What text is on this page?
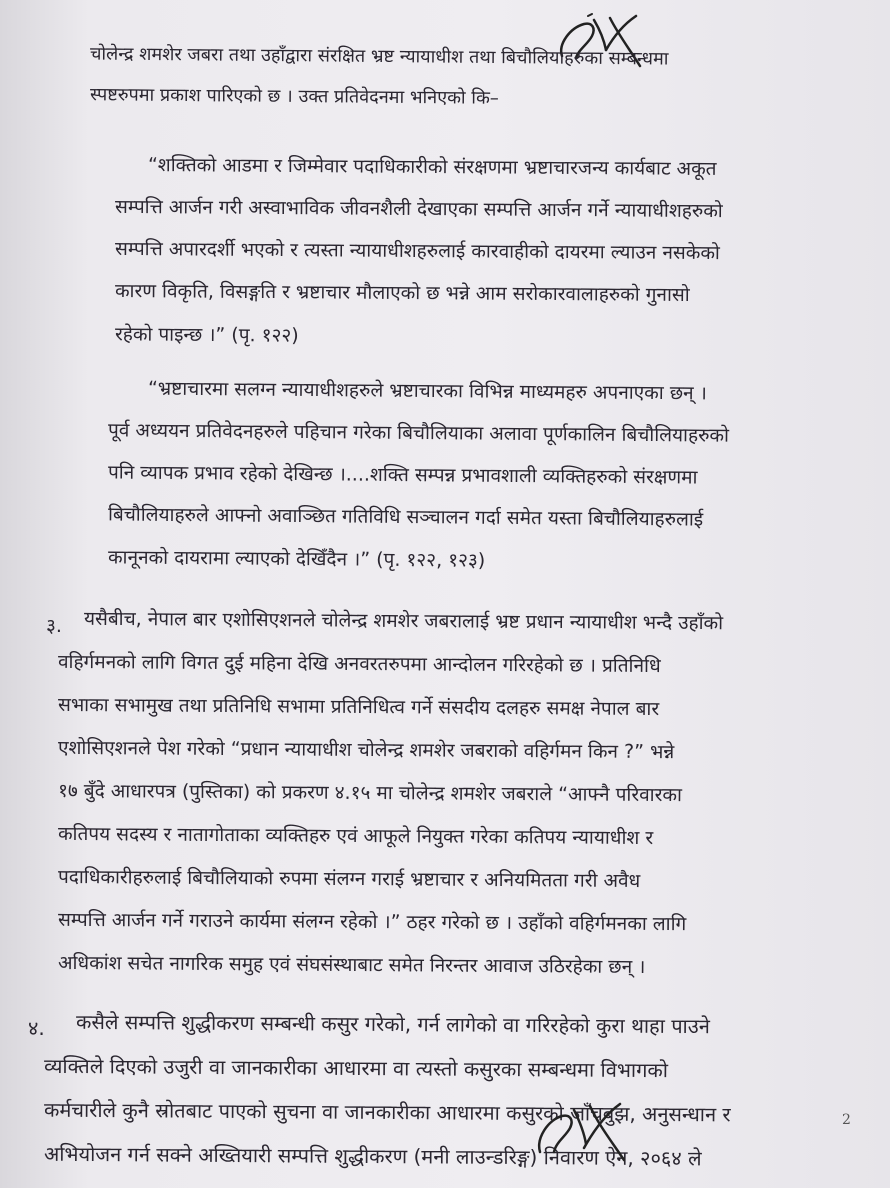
चोलेन्द्र शमशेर जबरा तथा उहाँद्वारा संरक्षित भ्रष्ट न्यायाधीश तथा बिचौलियाहरुका सम्बन्धमा
स्पष्टरुपमा प्रकाश पारिएको छ । उक्त प्रतिवेदनमा भनिएको कि–
“शक्तिको आडमा र जिम्मेवार पदाधिकारीको संरक्षणमा भ्रष्टाचारजन्य कार्यबाट अकूत
सम्पत्ति आर्जन गरी अस्वाभाविक जीवनशैली देखाएका सम्पत्ति आर्जन गर्ने न्यायाधीशहरुको
सम्पत्ति अपारदर्शी भएको र त्यस्ता न्यायाधीशहरुलाई कारवाहीको दायरमा ल्याउन नसकेको
कारण विकृति, विसङ्गति र भ्रष्टाचार मौलाएको छ भन्ने आम सरोकारवालाहरुको गुनासो
रहेको पाइन्छ ।” (पृ. १२२)
“भ्रष्टाचारमा सलग्न न्यायाधीशहरुले भ्रष्टाचारका विभिन्न माध्यमहरु अपनाएका छन् ।
पूर्व अध्ययन प्रतिवेदनहरुले पहिचान गरेका बिचौलियाका अलावा पूर्णकालिन बिचौलियाहरुको
पनि व्यापक प्रभाव रहेको देखिन्छ ।....शक्ति सम्पन्न प्रभावशाली व्यक्तिहरुको संरक्षणमा
बिचौलियाहरुले आफ्नो अवाञ्छित गतिविधि सञ्चालन गर्दा समेत यस्ता बिचौलियाहरुलाई
कानूनको दायरामा ल्याएको देखिँदैन ।” (पृ. १२२, १२३)
३. यसैबीच, नेपाल बार एशोसिएशनले चोलेन्द्र शमशेर जबरालाई भ्रष्ट प्रधान न्यायाधीश भन्दै उहाँको
वहिर्गमनको लागि विगत दुई महिना देखि अनवरतरुपमा आन्दोलन गरिरहेको छ । प्रतिनिधि
सभाका सभामुख तथा प्रतिनिधि सभामा प्रतिनिधित्व गर्ने संसदीय दलहरु समक्ष नेपाल बार
एशोसिएशनले पेश गरेको “प्रधान न्यायाधीश चोलेन्द्र शमशेर जबराको वहिर्गमन किन ?” भन्ने
१७ बुँदे आधारपत्र (पुस्तिका) को प्रकरण ४.१५ मा चोलेन्द्र शमशेर जबराले “आफ्नै परिवारका
कतिपय सदस्य र नातागोताका व्यक्तिहरु एवं आफूले नियुक्त गरेका कतिपय न्यायाधीश र
पदाधिकारीहरुलाई बिचौलियाको रुपमा संलग्न गराई भ्रष्टाचार र अनियमितता गरी अवैध
सम्पत्ति आर्जन गर्ने गराउने कार्यमा संलग्न रहेको ।” ठहर गरेको छ । उहाँको वहिर्गमनका लागि
अधिकांश सचेत नागरिक समुह एवं संघसंस्थाबाट समेत निरन्तर आवाज उठिरहेका छन् ।
४. कसैले सम्पत्ति शुद्धीकरण सम्बन्धी कसुर गरेको, गर्न लागेको वा गरिरहेको कुरा थाहा पाउने
व्यक्तिले दिएको उजुरी वा जानकारीका आधारमा वा त्यस्तो कसुरका सम्बन्धमा विभागको
कर्मचारीले कुनै स्रोतबाट पाएको सुचना वा जानकारीका आधारमा कसुरको जाँचबुझ, अनुसन्धान र
अभियोजन गर्न सक्ने अख्तियारी सम्पत्ति शुद्धीकरण (मनी लाउन्डरिङ्ग) निवारण ऐन, २०६४ ले
2
